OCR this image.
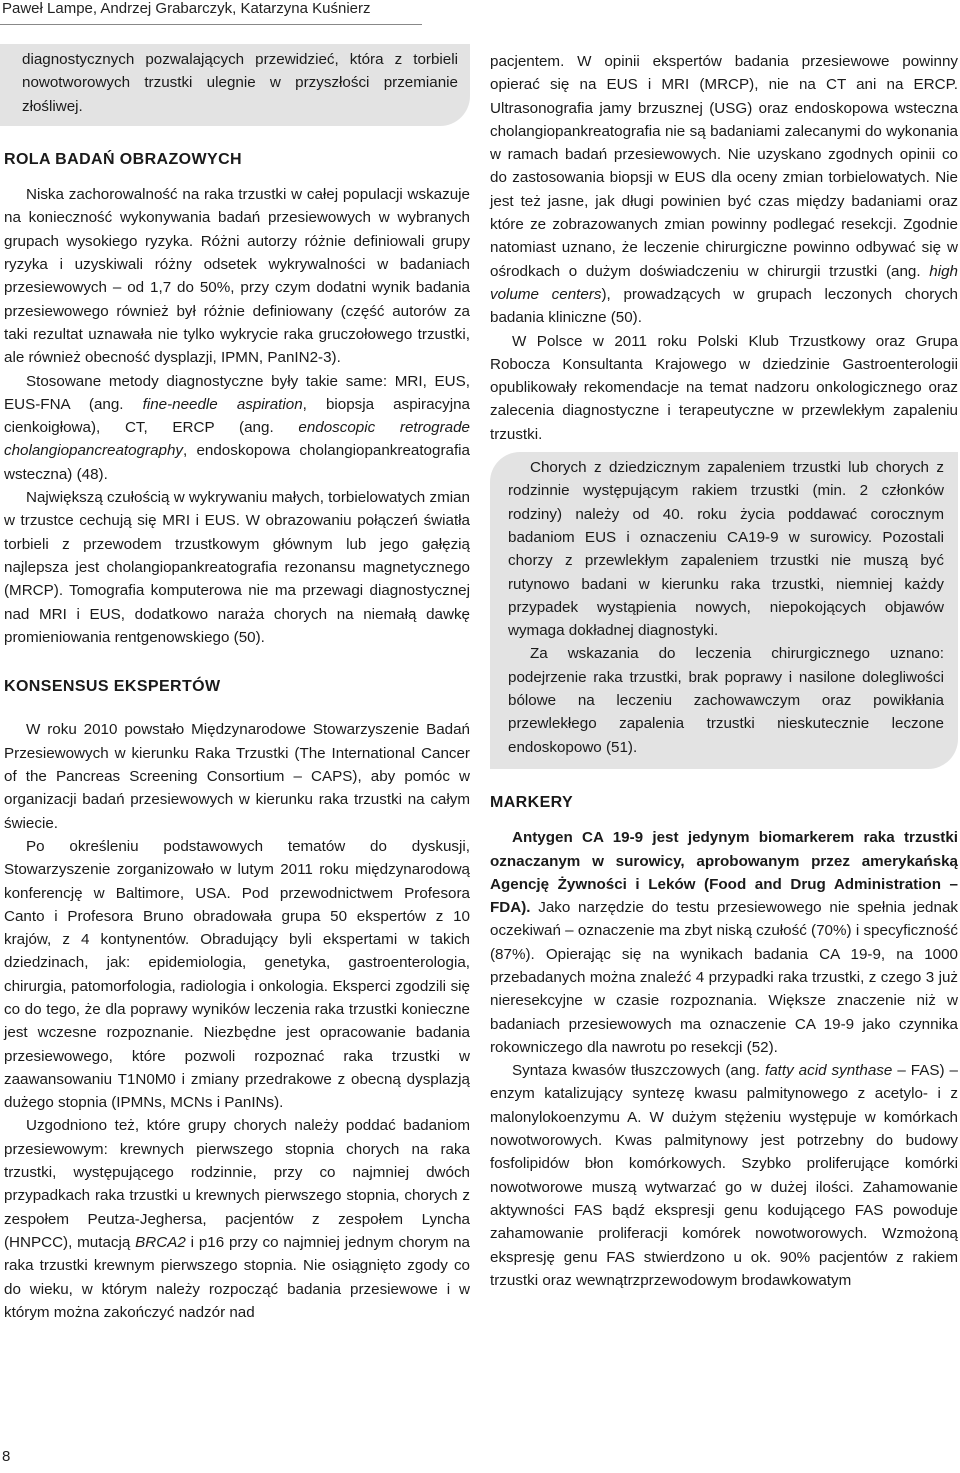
Paweł Lampe, Andrzej Grabarczyk, Katarzyna Kuśnierz

diagnostycznych pozwalających przewidzieć, która z torbieli nowotworowych trzustki ulegnie w przyszłości przemianie złośliwej.

ROLA BADAŃ OBRAZOWYCH

Niska zachorowalność na raka trzustki w całej populacji wskazuje na konieczność wykonywania badań przesiewowych w wybranych grupach wysokiego ryzyka. Różni autorzy różnie definiowali grupy ryzyka i uzyskiwali różny odsetek wykrywalności w badaniach przesiewowych – od 1,7 do 50%, przy czym dodatni wynik badania przesiewowego również był różnie definiowany (część autorów za taki rezultat uznawała nie tylko wykrycie raka gruczołowego trzustki, ale również obecność dysplazji, IPMN, PanIN2-3).

Stosowane metody diagnostyczne były takie same: MRI, EUS, EUS-FNA (ang. fine-needle aspiration, biopsja aspiracyjna cienkoigłowa), CT, ERCP (ang. endoscopic retrograde cholangiopancreatography, endoskopowa cholangiopankreatografia wsteczna) (48).

Największą czułością w wykrywaniu małych, torbielowatych zmian w trzustce cechują się MRI i EUS. W obrazowaniu połączeń światła torbieli z przewodem trzustkowym głównym lub jego gałęzią najlepsza jest cholangiopankreatografia rezonansu magnetycznego (MRCP). Tomografia komputerowa nie ma przewagi diagnostycznej nad MRI i EUS, dodatkowo naraża chorych na niemałą dawkę promieniowania rentgenowskiego (50).

KONSENSUS EKSPERTÓW

W roku 2010 powstało Międzynarodowe Stowarzyszenie Badań Przesiewowych w kierunku Raka Trzustki (The International Cancer of the Pancreas Screening Consortium – CAPS), aby pomóc w organizacji badań przesiewowych w kierunku raka trzustki na całym świecie.

Po określeniu podstawowych tematów do dyskusji, Stowarzyszenie zorganizowało w lutym 2011 roku międzynarodową konferencję w Baltimore, USA. Pod przewodnictwem Profesora Canto i Profesora Bruno obradowała grupa 50 ekspertów z 10 krajów, z 4 kontynentów. Obradujący byli ekspertami w takich dziedzinach, jak: epidemiologia, genetyka, gastroenterologia, chirurgia, patomorfologia, radiologia i onkologia. Eksperci zgodzili się co do tego, że dla poprawy wyników leczenia raka trzustki konieczne jest wczesne rozpoznanie. Niezbędne jest opracowanie badania przesiewowego, które pozwoli rozpoznać raka trzustki w zaawansowaniu T1N0M0 i zmiany przedrakowe z obecną dysplazją dużego stopnia (IPMNs, MCNs i PanINs).

Uzgodniono też, które grupy chorych należy poddać badaniom przesiewowym: krewnych pierwszego stopnia chorych na raka trzustki, występującego rodzinnie, przy co najmniej dwóch przypadkach raka trzustki u krewnych pierwszego stopnia, chorych z zespołem Peutza-Jeghersa, pacjentów z zespołem Lyncha (HNPCC), mutacją BRCA2 i p16 przy co najmniej jednym chorym na raka trzustki krewnym pierwszego stopnia. Nie osiągnięto zgody co do wieku, w którym należy rozpocząć badania przesiewowe i w którym można zakończyć nadzór nad

pacjentem. W opinii ekspertów badania przesiewowe powinny opierać się na EUS i MRI (MRCP), nie na CT ani na ERCP. Ultrasonografia jamy brzusznej (USG) oraz endoskopowa wsteczna cholangiopankreatografia nie są badaniami zalecanymi do wykonania w ramach badań przesiewowych. Nie uzyskano zgodnych opinii co do zastosowania biopsji w EUS dla oceny zmian torbielowatych. Nie jest też jasne, jak długi powinien być czas między badaniami oraz które ze zobrazowanych zmian powinny podlegać resekcji. Zgodnie natomiast uznano, że leczenie chirurgiczne powinno odbywać się w ośrodkach o dużym doświadczeniu w chirurgii trzustki (ang. high volume centers), prowadzących w grupach leczonych chorych badania kliniczne (50).

W Polsce w 2011 roku Polski Klub Trzustkowy oraz Grupa Robocza Konsultanta Krajowego w dziedzinie Gastroenterologii opublikowały rekomendacje na temat nadzoru onkologicznego oraz zalecenia diagnostyczne i terapeutyczne w przewlekłym zapaleniu trzustki.

Chorych z dziedzicznym zapaleniem trzustki lub chorych z rodzinnie występującym rakiem trzustki (min. 2 członków rodziny) należy od 40. roku życia poddawać corocznym badaniom EUS i oznaczeniu CA19-9 w surowicy. Pozostali chorzy z przewlekłym zapaleniem trzustki nie muszą być rutynowo badani w kierunku raka trzustki, niemniej każdy przypadek wystąpienia nowych, niepokojących objawów wymaga dokładnej diagnostyki.

Za wskazania do leczenia chirurgicznego uznano: podejrzenie raka trzustki, brak poprawy i nasilone dolegliwości bólowe na leczeniu zachowawczym oraz powikłania przewlekłego zapalenia trzustki nieskutecznie leczone endoskopowo (51).

MARKERY

Antygen CA 19-9 jest jedynym biomarkerem raka trzustki oznaczanym w surowicy, aprobowanym przez amerykańską Agencję Żywności i Leków (Food and Drug Administration – FDA). Jako narzędzie do testu przesiewowego nie spełnia jednak oczekiwań – oznaczenie ma zbyt niską czułość (70%) i specyficzność (87%). Opierając się na wynikach badania CA 19-9, na 1000 przebadanych można znaleźć 4 przypadki raka trzustki, z czego 3 już nieresekcyjne w czasie rozpoznania. Większe znaczenie niż w badaniach przesiewowych ma oznaczenie CA 19-9 jako czynnika rokowniczego dla nawrotu po resekcji (52).

Syntaza kwasów tłuszczowych (ang. fatty acid synthase – FAS) – enzym katalizujący syntezę kwasu palmitynowego z acetylo- i z malonylokoenzymu A. W dużym stężeniu występuje w komórkach nowotworowych. Kwas palmitynowy jest potrzebny do budowy fosfolipidów błon komórkowych. Szybko proliferujące komórki nowotworowe muszą wytwarzać go w dużej ilości. Zahamowanie aktywności FAS bądź ekspresji genu kodującego FAS powoduje zahamowanie proliferacji komórek nowotworowych. Wzmożoną ekspresję genu FAS stwierdzono u ok. 90% pacjentów z rakiem trzustki oraz wewnątrzprzewodowym brodawkowatym

8
